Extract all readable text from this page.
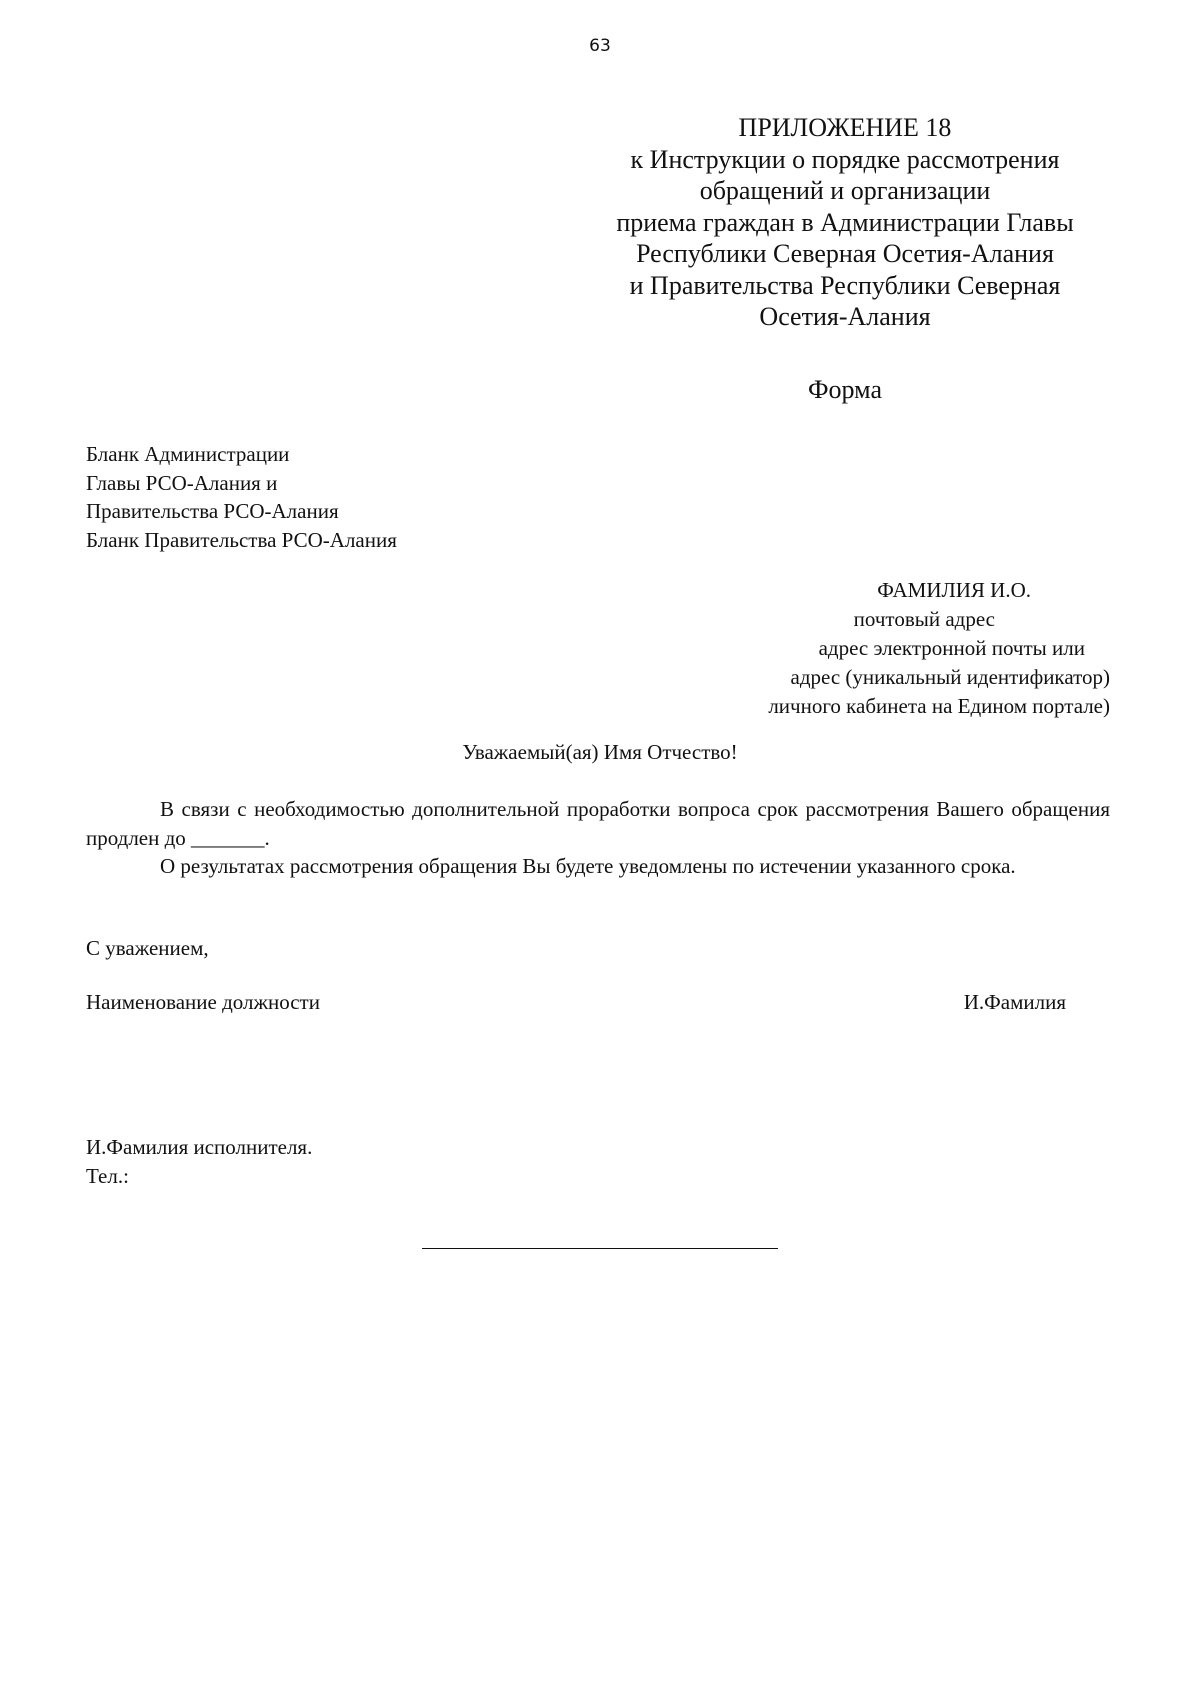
63
ПРИЛОЖЕНИЕ 18
к Инструкции о порядке рассмотрения
обращений и организации
приема граждан в Администрации Главы
Республики Северная Осетия-Алания
и Правительства Республики Северная
Осетия-Алания
Форма
Бланк Администрации
Главы РСО-Алания и
Правительства РСО-Алания
Бланк Правительства РСО-Алания
ФАМИЛИЯ И.О.
почтовый адрес
адрес электронной почты или
адрес (уникальный идентификатор)
личного кабинета на Едином портале)
Уважаемый(ая) Имя Отчество!

В связи с необходимостью дополнительной проработки вопроса срок рассмотрения Вашего обращения продлен до _______.

О результатах рассмотрения обращения Вы будете уведомлены по истечении указанного срока.

С уважением,
Наименование должности	И.Фамилия
И.Фамилия исполнителя.
Тел.:
